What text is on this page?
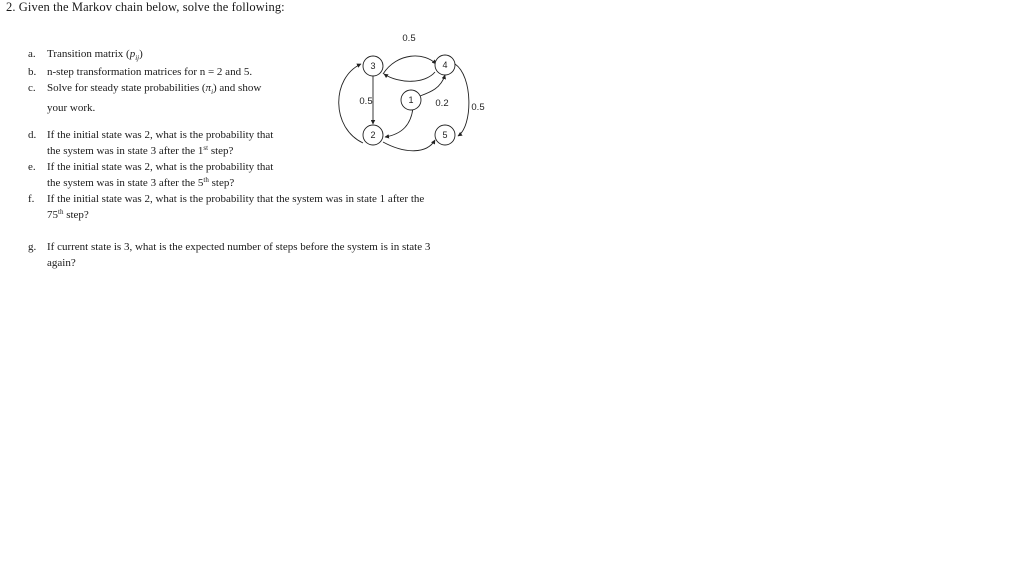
2. Given the Markov chain below, solve the following:
a.	Transition matrix $(p_{ij})$
b. n-step transformation matrices for n = 2 and 5.
c.	Solve for steady state probabilities $(\pi_i)$ and show
your work.
d. If the initial state was 2, what is the probability that
the system was in state 3 after the 1st step?
e.	If the initial state was 2, what is the probability that
the system was in state 3 after the 5th step?
f.	If the initial state was 2, what is the probability that the system was in state 1 after the
75th step?
g. If current state is 3, what is the expected number of steps before the system is in state 3
again?
3	4
1
2	5
0.5
0.5	0.2 0.5
